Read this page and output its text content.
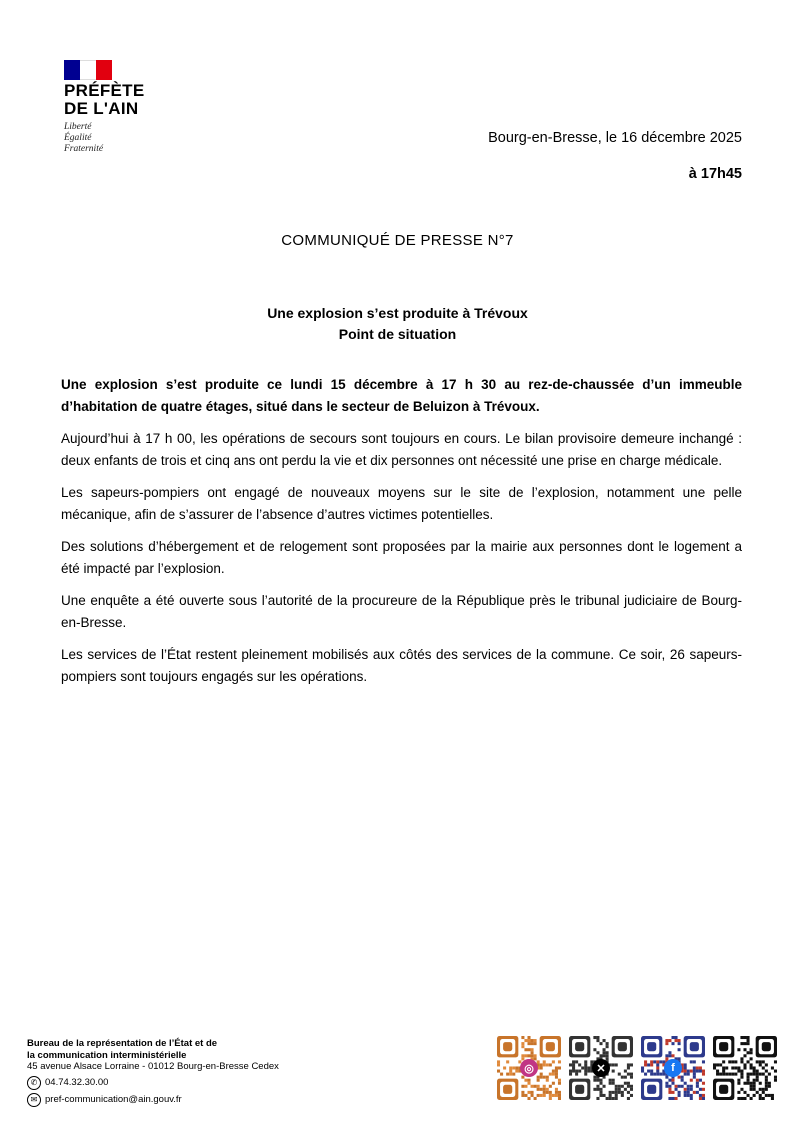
PRÉFÈTE
DE L'AIN
Liberté
Égalité
Fraternité
Bourg-en-Bresse, le 16 décembre 2025
à 17h45
COMMUNIQUÉ DE PRESSE N°7
Une explosion s’est produite à Trévoux
Point de situation

Une explosion s’est produite ce lundi 15 décembre à 17 h 30 au rez-de-chaussée d’un immeuble d’habitation de quatre étages, situé dans le secteur de Beluizon à Trévoux.

Aujourd’hui à 17 h 00, les opérations de secours sont toujours en cours. Le bilan provisoire demeure inchangé : deux enfants de trois et cinq ans ont perdu la vie et dix personnes ont nécessité une prise en charge médicale.

Les sapeurs-pompiers ont engagé de nouveaux moyens sur le site de l’explosion, notamment une pelle mécanique, afin de s’assurer de l’absence d’autres victimes potentielles.

Des solutions d’hébergement et de relogement sont proposées par la mairie aux personnes dont le logement a été impacté par l’explosion.

Une enquête a été ouverte sous l’autorité de la procureure de la République près le tribunal judiciaire de Bourg-en-Bresse.

Les services de l’État restent pleinement mobilisés aux côtés des services de la commune. Ce soir, 26 sapeurs-pompiers sont toujours engagés sur les opérations.

Bureau de la représentation de l’État et de
la communication interministérielle
45 avenue Alsace Lorraine - 01012 Bourg-en-Bresse Cedex
✆ 04.74.32.30.00
✉ pref-communication@ain.gouv.fr
◎	✕	f
